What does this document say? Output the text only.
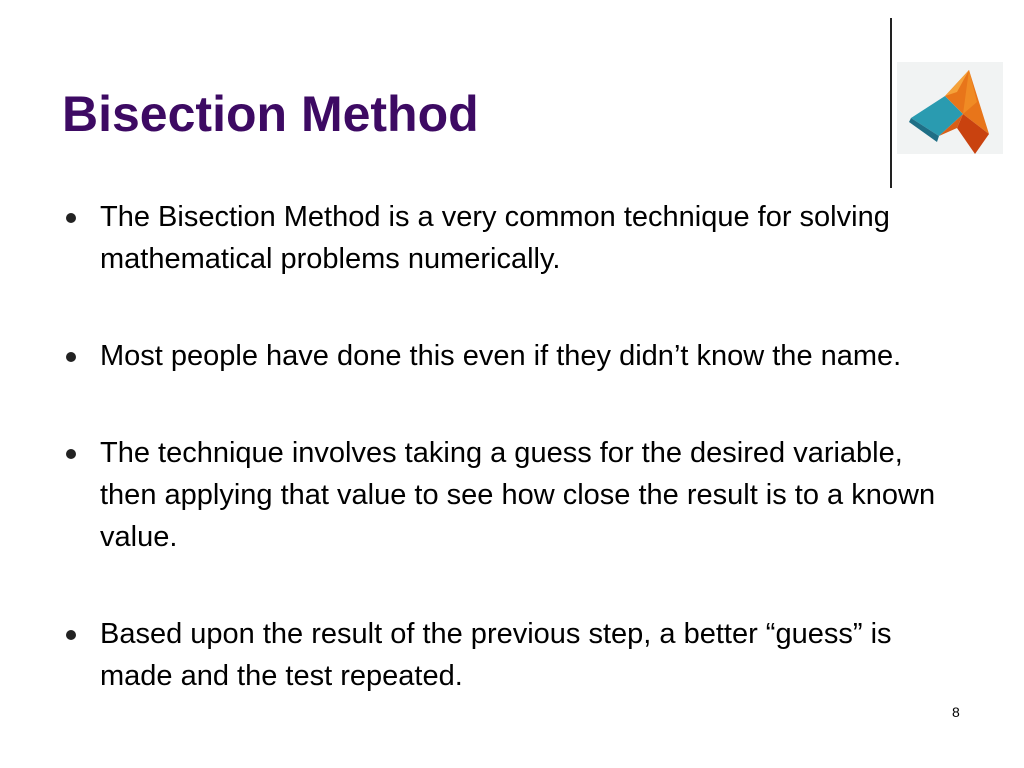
Bisection Method
The Bisection Method is a very common technique for solving mathematical problems numerically.
Most people have done this even if they didn’t know the name.
The technique involves taking a guess for the desired variable, then applying that value to see how close the result is to a known value.
Based upon the result of the previous step, a better “guess” is made and the test repeated.
8
